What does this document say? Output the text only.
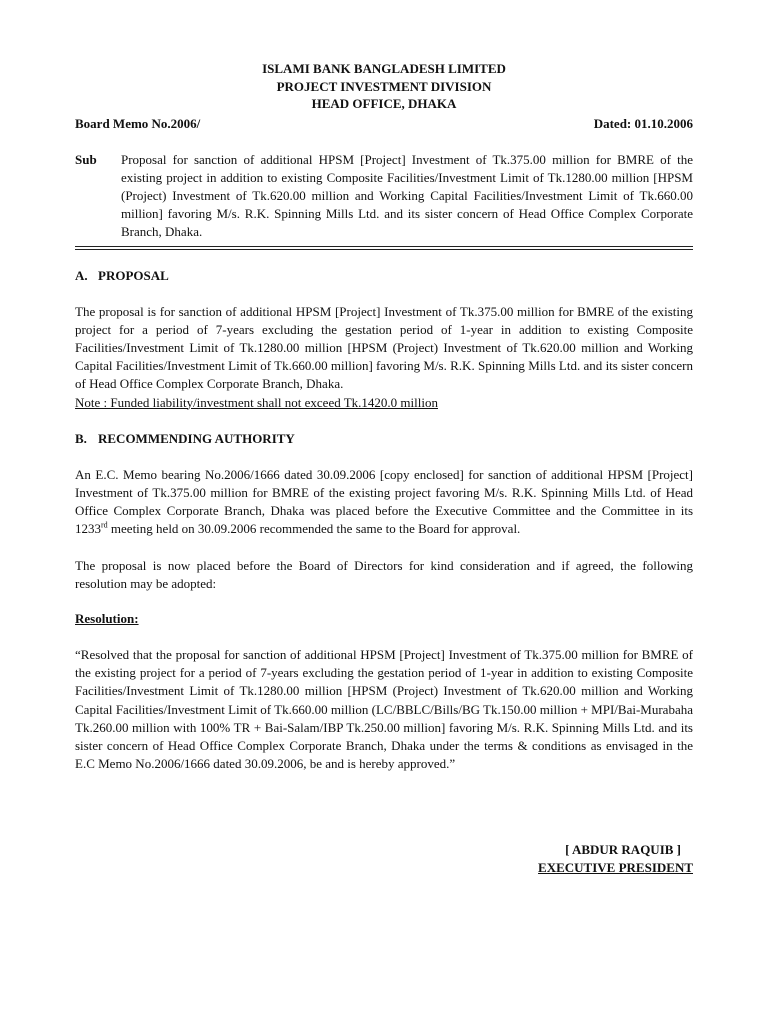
ISLAMI BANK BANGLADESH LIMITED
PROJECT INVESTMENT DIVISION
HEAD OFFICE, DHAKA
Board Memo No.2006/	Dated: 01.10.2006
Sub	Proposal for sanction of additional HPSM [Project] Investment of Tk.375.00 million for BMRE of the existing project in addition to existing Composite Facilities/Investment Limit of Tk.1280.00 million [HPSM (Project) Investment of Tk.620.00 million and Working Capital Facilities/Investment Limit of Tk.660.00 million] favoring M/s. R.K. Spinning Mills Ltd. and its sister concern of Head Office Complex Corporate Branch, Dhaka.
A. PROPOSAL
The proposal is for sanction of additional HPSM [Project] Investment of Tk.375.00 million for BMRE of the existing project for a period of 7-years excluding the gestation period of 1-year in addition to existing Composite Facilities/Investment Limit of Tk.1280.00 million [HPSM (Project) Investment of Tk.620.00 million and Working Capital Facilities/Investment Limit of Tk.660.00 million] favoring M/s. R.K. Spinning Mills Ltd. and its sister concern of Head Office Complex Corporate Branch, Dhaka.
Note : Funded liability/investment shall not exceed Tk.1420.0 million
B. RECOMMENDING AUTHORITY
An E.C. Memo bearing No.2006/1666 dated 30.09.2006 [copy enclosed] for sanction of additional HPSM [Project] Investment of Tk.375.00 million for BMRE of the existing project favoring M/s. R.K. Spinning Mills Ltd. of Head Office Complex Corporate Branch, Dhaka was placed before the Executive Committee and the Committee in its 1233rd meeting held on 30.09.2006 recommended the same to the Board for approval.
The proposal is now placed before the Board of Directors for kind consideration and if agreed, the following resolution may be adopted:
Resolution:
“Resolved that the proposal for sanction of additional HPSM [Project] Investment of Tk.375.00 million for BMRE of the existing project for a period of 7-years excluding the gestation period of 1-year in addition to existing Composite Facilities/Investment Limit of Tk.1280.00 million [HPSM (Project) Investment of Tk.620.00 million and Working Capital Facilities/Investment Limit of Tk.660.00 million (LC/BBLC/Bills/BG Tk.150.00 million + MPI/Bai-Murabaha Tk.260.00 million with 100% TR + Bai-Salam/IBP Tk.250.00 million] favoring M/s. R.K. Spinning Mills Ltd. and its sister concern of Head Office Complex Corporate Branch, Dhaka under the terms & conditions as envisaged in the E.C Memo No.2006/1666 dated 30.09.2006, be and is hereby approved.”
[ ABDUR RAQUIB ]
EXECUTIVE PRESIDENT
